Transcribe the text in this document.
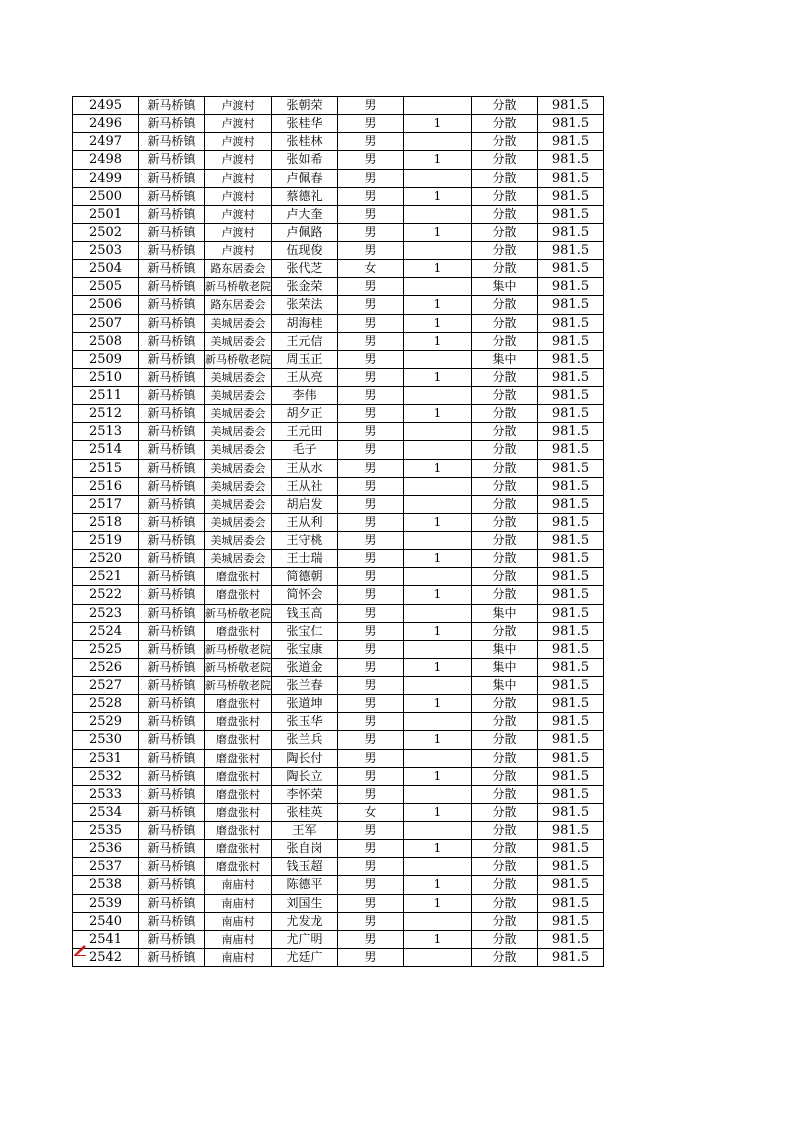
2495	新马桥镇	卢渡村	张朝荣	男		分散	981.5
2496	新马桥镇	卢渡村	张桂华	男	1	分散	981.5
2497	新马桥镇	卢渡村	张桂林	男		分散	981.5
2498	新马桥镇	卢渡村	张如希	男	1	分散	981.5
2499	新马桥镇	卢渡村	卢佩春	男		分散	981.5
2500	新马桥镇	卢渡村	蔡德礼	男	1	分散	981.5
2501	新马桥镇	卢渡村	卢大奎	男		分散	981.5
2502	新马桥镇	卢渡村	卢佩路	男	1	分散	981.5
2503	新马桥镇	卢渡村	伍现俊	男		分散	981.5
2504	新马桥镇	路东居委会	张代芝	女	1	分散	981.5
2505	新马桥镇	新马桥敬老院	张金荣	男		集中	981.5
2506	新马桥镇	路东居委会	张荣法	男	1	分散	981.5
2507	新马桥镇	美城居委会	胡海桂	男	1	分散	981.5
2508	新马桥镇	美城居委会	王元信	男	1	分散	981.5
2509	新马桥镇	新马桥敬老院	周玉正	男		集中	981.5
2510	新马桥镇	美城居委会	王从亮	男	1	分散	981.5
2511	新马桥镇	美城居委会	李伟	男		分散	981.5
2512	新马桥镇	美城居委会	胡夕正	男	1	分散	981.5
2513	新马桥镇	美城居委会	王元田	男		分散	981.5
2514	新马桥镇	美城居委会	毛子	男		分散	981.5
2515	新马桥镇	美城居委会	王从水	男	1	分散	981.5
2516	新马桥镇	美城居委会	王从社	男		分散	981.5
2517	新马桥镇	美城居委会	胡启发	男		分散	981.5
2518	新马桥镇	美城居委会	王从利	男	1	分散	981.5
2519	新马桥镇	美城居委会	王守桃	男		分散	981.5
2520	新马桥镇	美城居委会	王士瑞	男	1	分散	981.5
2521	新马桥镇	磨盘张村	简德朝	男		分散	981.5
2522	新马桥镇	磨盘张村	简怀会	男	1	分散	981.5
2523	新马桥镇	新马桥敬老院	钱玉高	男		集中	981.5
2524	新马桥镇	磨盘张村	张宝仁	男	1	分散	981.5
2525	新马桥镇	新马桥敬老院	张宝康	男		集中	981.5
2526	新马桥镇	新马桥敬老院	张道金	男	1	集中	981.5
2527	新马桥镇	新马桥敬老院	张兰春	男		集中	981.5
2528	新马桥镇	磨盘张村	张道坤	男	1	分散	981.5
2529	新马桥镇	磨盘张村	张玉华	男		分散	981.5
2530	新马桥镇	磨盘张村	张兰兵	男	1	分散	981.5
2531	新马桥镇	磨盘张村	陶长付	男		分散	981.5
2532	新马桥镇	磨盘张村	陶长立	男	1	分散	981.5
2533	新马桥镇	磨盘张村	李怀荣	男		分散	981.5
2534	新马桥镇	磨盘张村	张桂英	女	1	分散	981.5
2535	新马桥镇	磨盘张村	王军	男		分散	981.5
2536	新马桥镇	磨盘张村	张自岗	男	1	分散	981.5
2537	新马桥镇	磨盘张村	钱玉超	男		分散	981.5
2538	新马桥镇	南庙村	陈德平	男	1	分散	981.5
2539	新马桥镇	南庙村	刘国生	男	1	分散	981.5
2540	新马桥镇	南庙村	尤发龙	男		分散	981.5
2541	新马桥镇	南庙村	尤广明	男	1	分散	981.5
2542	新马桥镇	南庙村	尤廷广	男		分散	981.5
